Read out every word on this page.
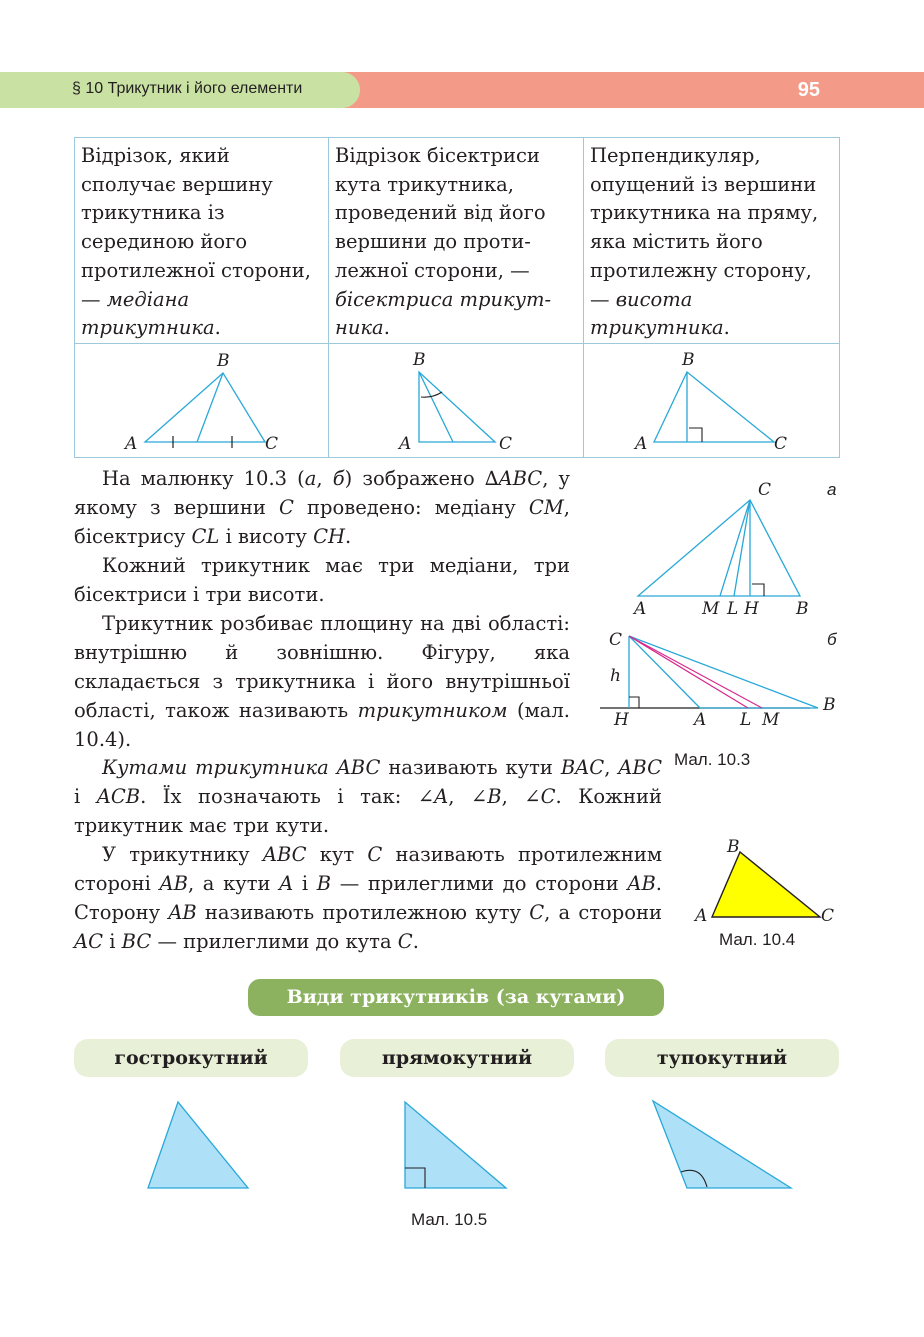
§ 10 Трикутник і його елементи	95
Відрізок, який сполучає вершину трикутника із серединою його протилежної сторони, — медіана трикутника.	Відрізок бісектриси кута трикутника, проведений від його вершини до протилежної сторони, — бісектриса трикутника.	Перпендикуляр, опущений із вершини трикутника на пряму, яка містить його протилежну сторону, — висота трикутника.

B
A C	B
A C	B
A C

На малюнку 10.3 (а, б) зображено ∆ABC, у якому з вершини C проведено: медіану CM, бісектрису CL і висоту CH.

Кожний трикутник має три медіани, три бісектриси і три висоти.

Трикутник розбиває площину на дві області: внутрішню й зовнішню. Фігуру, яка складається з трикутника і його внутрішньої області, також називають трикутником (мал. 10.4).

Кутами трикутника ABC називають кути BAC, ABC і ACB. Їх позначають і так: ∠A, ∠B, ∠C. Кожний трикутник має три кути.

У трикутнику ABC кут C називають протилежним стороні AB, а кути A і B — прилеглими до сторони AB. Сторону AB називають протилежною куту C, а сторони AC і BC — прилеглими до кута C.

C
A	M L H B
а
C
h
H	A L M
B
б
Мал. 10.3
B
A	C
Мал. 10.4
Види трикутників (за кутами)
гострокутний	прямокутний	тупокутний
Мал. 10.5
